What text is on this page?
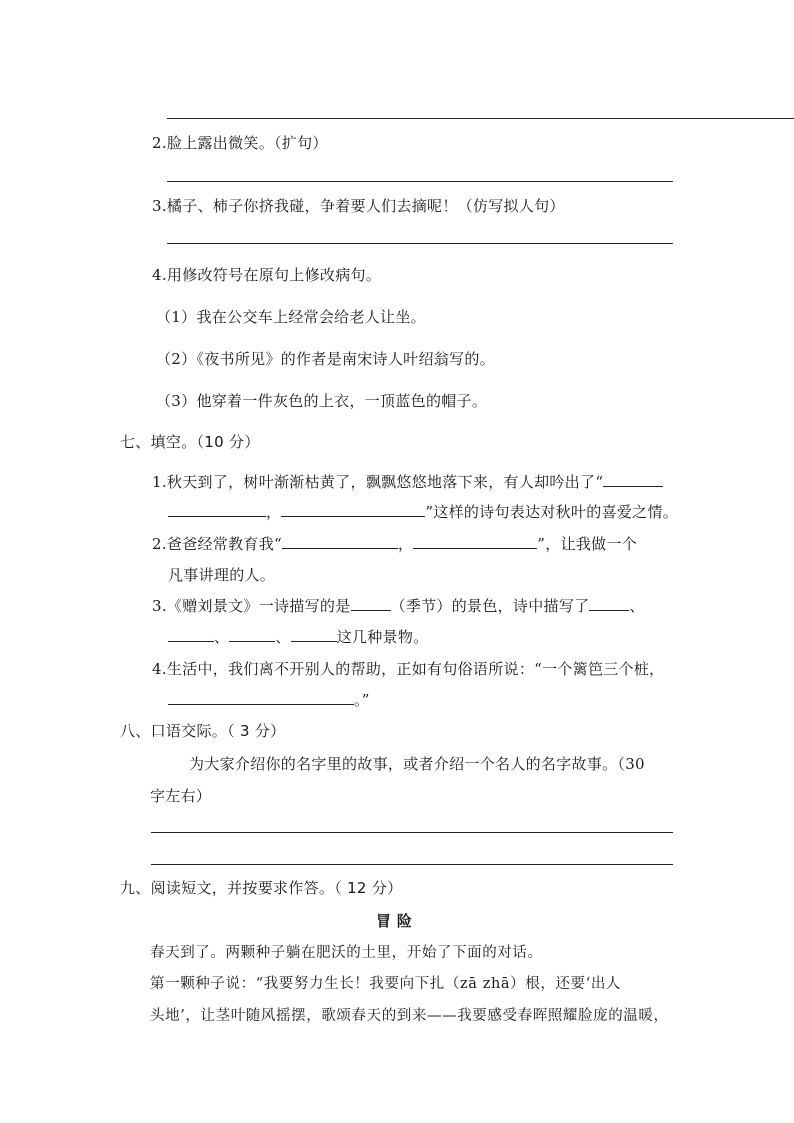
2.脸上露出微笑。（扩句）
3.橘子、柿子你挤我碰，争着要人们去摘呢！（仿写拟人句）
4.用修改符号在原句上修改病句。
（1）我在公交车上经常会给老人让坐。
（2）《夜书所见》的作者是南宋诗人叶绍翁写的。
（3）他穿着一件灰色的上衣，一顶蓝色的帽子。
七、填空。（10 分）
1.秋天到了，树叶渐渐枯黄了，飘飘悠悠地落下来，有人却吟出了“
，	”这样的诗句表达对秋叶的喜爱之情。
2.爸爸经常教育我“	，	”，让我做一个
凡事讲理的人。
3.《赠刘景文》一诗描写的是	（季节）的景色，诗中描写了	、
、	、	这几种景物。
4.生活中，我们离不开别人的帮助，正如有句俗语所说：“一个篱笆三个桩，
。”
八、口语交际。（ 3 分）
为大家介绍你的名字里的故事，或者介绍一个名人的名字故事。（30
字左右）
九、阅读短文，并按要求作答。（ 12 分）
冒 险
春天到了。两颗种子躺在肥沃的土里，开始了下面的对话。
第一颗种子说：“我要努力生长！我要向下扎（zā zhā）根，还要‘出人
头地’，让茎叶随风摇摆，歌颂春天的到来——我要感受春晖照耀脸庞的温暖，
